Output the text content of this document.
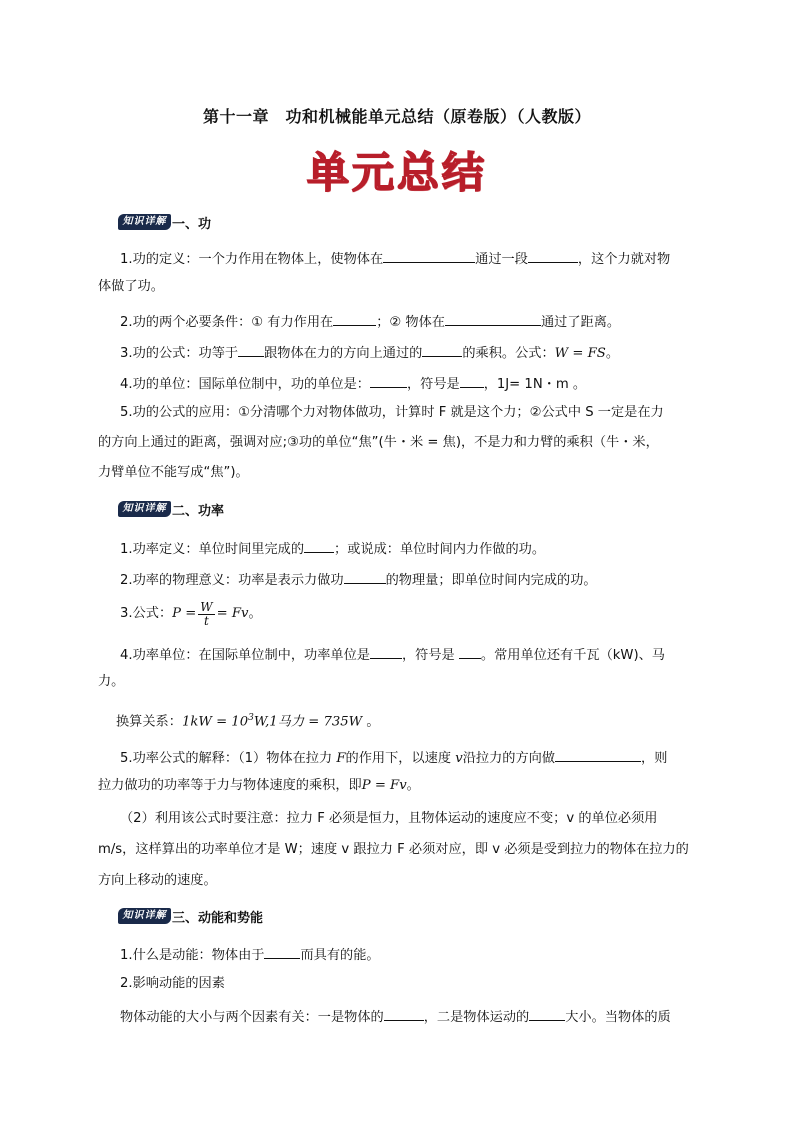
第十一章　功和机械能单元总结（原卷版）（人教版）
单元总结
知识详解 一、功
1.功的定义：一个力作用在物体上，使物体在	通过一段	，这个力就对物
体做了功。
2.功的两个必要条件：① 有力作用在	；② 物体在	通过了距离。
3.功的公式：功等于 跟物体在力的方向上通过的	的乘积。公式：W = FS。
4.功的单位：国际单位制中，功的单位是：	，符号是 ，1J= 1N・m 。
5.功的公式的应用：①分清哪个力对物体做功，计算时 F 就是这个力；②公式中 S 一定是在力
的方向上通过的距离，强调对应;③功的单位“焦”(牛・米 = 焦)，不是力和力臂的乘积（牛・米，
力臂单位不能写成“焦”)。
知识详解 二、功率
1.功率定义：单位时间里完成的 ；或说成：单位时间内力作做的功。
2.功率的物理意义：功率是表示力做功	的物理量；即单位时间内完成的功。
3.公式： $P = \frac{W}{t} = Fv$ 。
4.功率单位：在国际单位制中，功率单位是 ，符号是 。常用单位还有千瓦（kW)、马
力。
换算关系：$1kW = 10^3W,1$马力 = 735W 。
5.功率公式的解释：（1）物体在拉力 F的作用下，以速度 v沿拉力的方向做	，则
拉力做功的功率等于力与物体速度的乘积，即P = Fv。
（2）利用该公式时要注意：拉力 F 必须是恒力，且物体运动的速度应不变；v 的单位必须用
m/s，这样算出的功率单位才是 W；速度 v 跟拉力 F 必须对应，即 v 必须是受到拉力的物体在拉力的
方向上移动的速度。
知识详解 三、动能和势能
1.什么是动能：物体由于	而具有的能。
2.影响动能的因素
物体动能的大小与两个因素有关：一是物体的	，二是物体运动的	大小。当物体的质
